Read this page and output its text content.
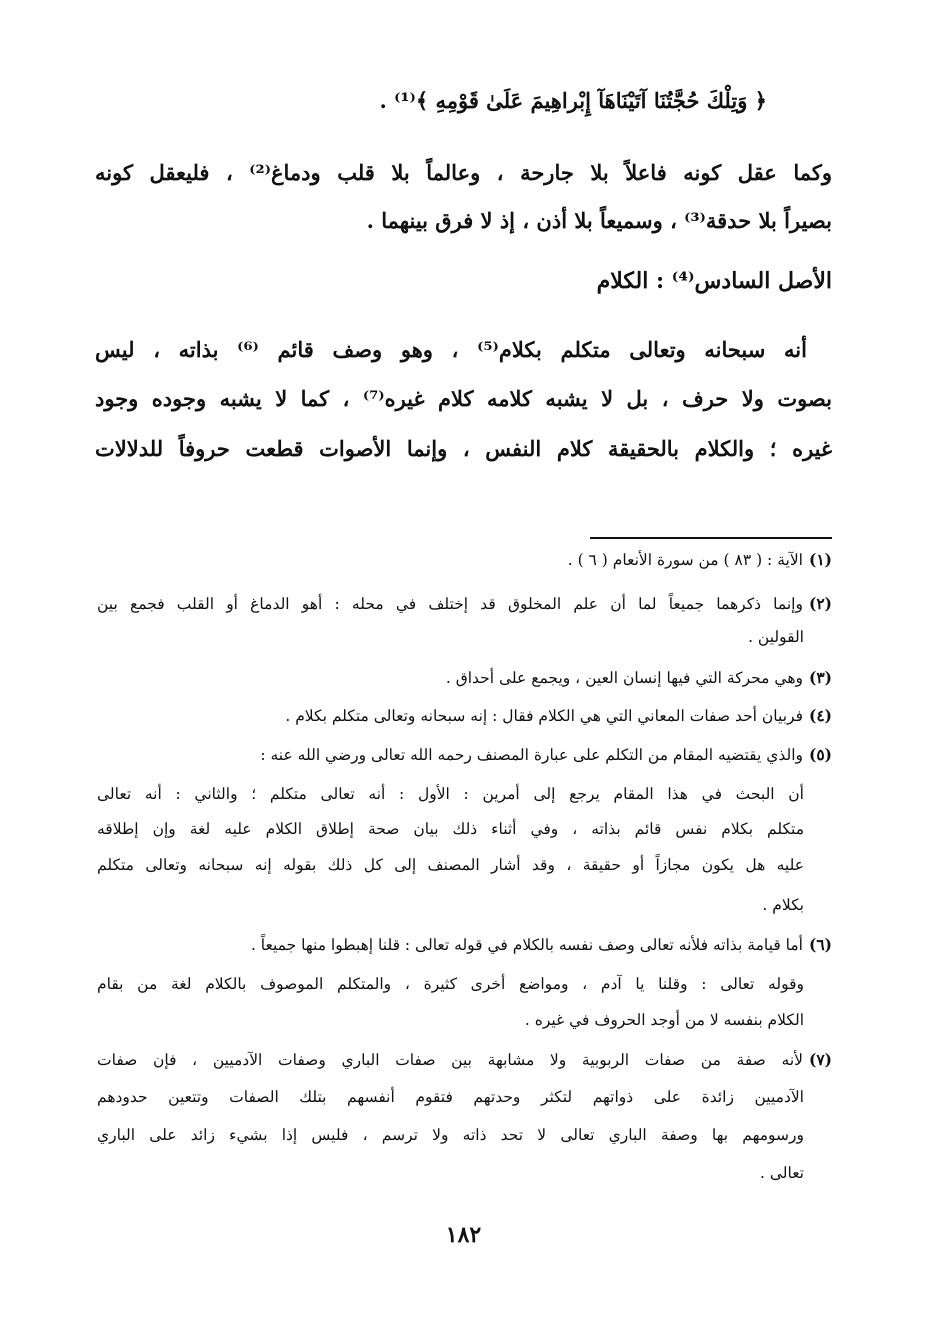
﴿ وَتِلْكَ حُجَّتُنَا آتَيْنَاهَآ إِبْراهِيمَ عَلَىٰ قَوْمِهِ ﴾⁽¹⁾ .
وكما عقل كونه فاعلاً بلا جارحة ، وعالماً بلا قلب ودماغ⁽²⁾ ، فليعقل كونه
بصيراً بلا حدقة⁽³⁾ ، وسميعاً بلا أذن ، إذ لا فرق بينهما .
الأصل السادس⁽⁴⁾ : الكلام
أنه سبحانه وتعالى متكلم بكلام⁽⁵⁾ ، وهو وصف قائم ⁽⁶⁾ بذاته ، ليس
بصوت ولا حرف ، بل لا يشبه كلامه كلام غيره⁽⁷⁾ ، كما لا يشبه وجوده وجود
غيره ؛ والكلام بالحقيقة كلام النفس ، وإنما الأصوات قطعت حروفاً للدلالات
(١)الآية : ( ٨٣ ) من سورة الأنعام ( ٦ ) .
(٢)وإنما ذكرهما جميعاً لما أن علم المخلوق قد إختلف في محله : أهو الدماغ أو القلب فجمع بين
القولين .
(٣)وهي محركة التي فيها إنسان العين ، ويجمع على أحداق .
(٤)فربيان أحد صفات المعاني التي هي الكلام فقال : إنه سبحانه وتعالى متكلم بكلام .
(٥)والذي يقتضيه المقام من التكلم على عبارة المصنف رحمه الله تعالى ورضي الله عنه :
أن البحث في هذا المقام يرجع إلى أمرين : الأول : أنه تعالى متكلم ؛ والثاني : أنه تعالى
متكلم بكلام نفس قائم بذاته ، وفي أثناء ذلك بيان صحة إطلاق الكلام عليه لغة وإن إطلاقه
عليه هل يكون مجازاً أو حقيقة ، وقد أشار المصنف إلى كل ذلك بقوله إنه سبحانه وتعالى متكلم
بكلام .
(٦)أما قيامة بذاته فلأنه تعالى وصف نفسه بالكلام في قوله تعالى : قلنا إهبطوا منها جميعاً .
وقوله تعالى : وقلنا يا آدم ، ومواضع أخرى كثيرة ، والمتكلم الموصوف بالكلام لغة من بقام
الكلام بنفسه لا من أوجد الحروف في غيره .
(٧)لأنه صفة من صفات الربوبية ولا مشابهة بين صفات الباري وصفات الآدميين ، فإن صفات
الآدميين زائدة على ذواتهم لتكثر وحدتهم فتقوم أنفسهم بتلك الصفات وتتعين حدودهم
ورسومهم بها وصفة الباري تعالى لا تحد ذاته ولا ترسم ، فليس إذا بشيء زائد على الباري
تعالى .
١٨٢
